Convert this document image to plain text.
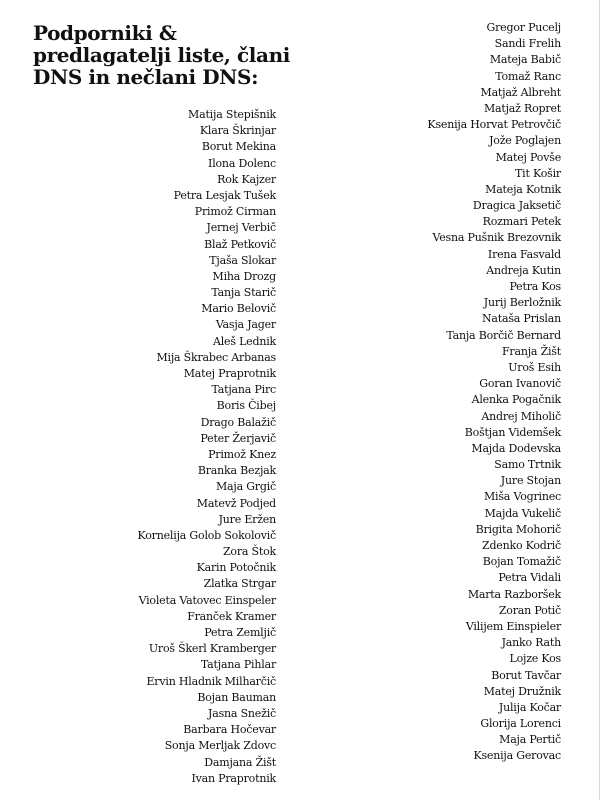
Podporniki &
predlagatelji liste, člani
DNS in nečlani DNS:
Matija Stepišnik
Klara Škrinjar
Borut Mekina
Ilona Dolenc
Rok Kajzer
Petra Lesjak Tušek
Primož Cirman
Jernej Verbič
Blaž Petkovič
Tjaša Slokar
Miha Drozg
Tanja Starič
Mario Belovič
Vasja Jager
Aleš Lednik
Mija Škrabec Arbanas
Matej Praprotnik
Tatjana Pirc
Boris Čibej
Drago Balažič
Peter Žerjavič
Primož Knez
Branka Bezjak
Maja Grgič
Matevž Podjed
Jure Eržen
Kornelija Golob Sokolovič
Zora Štok
Karin Potočnik
Zlatka Strgar
Violeta Vatovec Einspeler
Franček Kramer
Petra Zemljič
Uroš Škerl Kramberger
Tatjana Pihlar
Ervin Hladnik Milharčič
Bojan Bauman
Jasna Snežič
Barbara Hočevar
Sonja Merljak Zdovc
Damjana Žišt
Ivan Praprotnik
Gregor Pucelj
Sandi Frelih
Mateja Babič
Tomaž Ranc
Matjaž Albreht
Matjaž Ropret
Ksenija Horvat Petrovčič
Jože Poglajen
Matej Povše
Tit Košir
Mateja Kotnik
Dragica Jaksetič
Rozmari Petek
Vesna Pušnik Brezovnik
Irena Fasvald
Andreja Kutin
Petra Kos
Jurij Berložnik
Nataša Prislan
Tanja Borčič Bernard
Franja Žišt
Uroš Esih
Goran Ivanovič
Alenka Pogačnik
Andrej Miholič
Boštjan Videmšek
Majda Dodevska
Samo Trtnik
Jure Stojan
Miša Vogrinec
Majda Vukelič
Brigita Mohorič
Zdenko Kodrič
Bojan Tomažič
Petra Vidali
Marta Razboršek
Zoran Potič
Vilijem Einspieler
Janko Rath
Lojze Kos
Borut Tavčar
Matej Družnik
Julija Kočar
Glorija Lorenci
Maja Pertič
Ksenija Gerovac
